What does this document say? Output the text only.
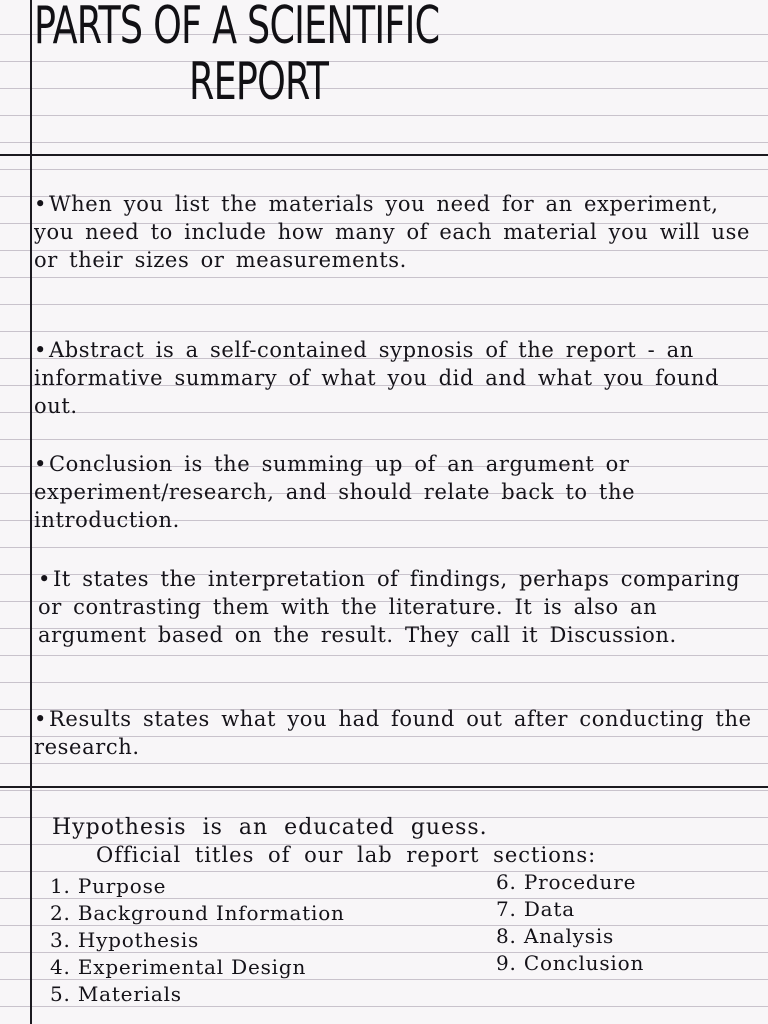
PARTS OF A SCIENTIFIC
REPORT

•When you list the materials you need for an experiment, you need to include how many of each material you will use or their sizes or measurements.

•Abstract is a self-contained sypnosis of the report - an informative summary of what you did and what you found out.

•Conclusion is the summing up of an argument or experiment/research, and should relate back to the introduction.

•It states the interpretation of findings, perhaps comparing or contrasting them with the literature. It is also an argument based on the result. They call it Discussion.

•Results states what you had found out after conducting the research.

Hypothesis is an educated guess.

Official titles of our lab report sections:

1. Purpose
2. Background Information
3. Hypothesis
4. Experimental Design
5. Materials
6. Procedure
7. Data
8. Analysis
9. Conclusion
